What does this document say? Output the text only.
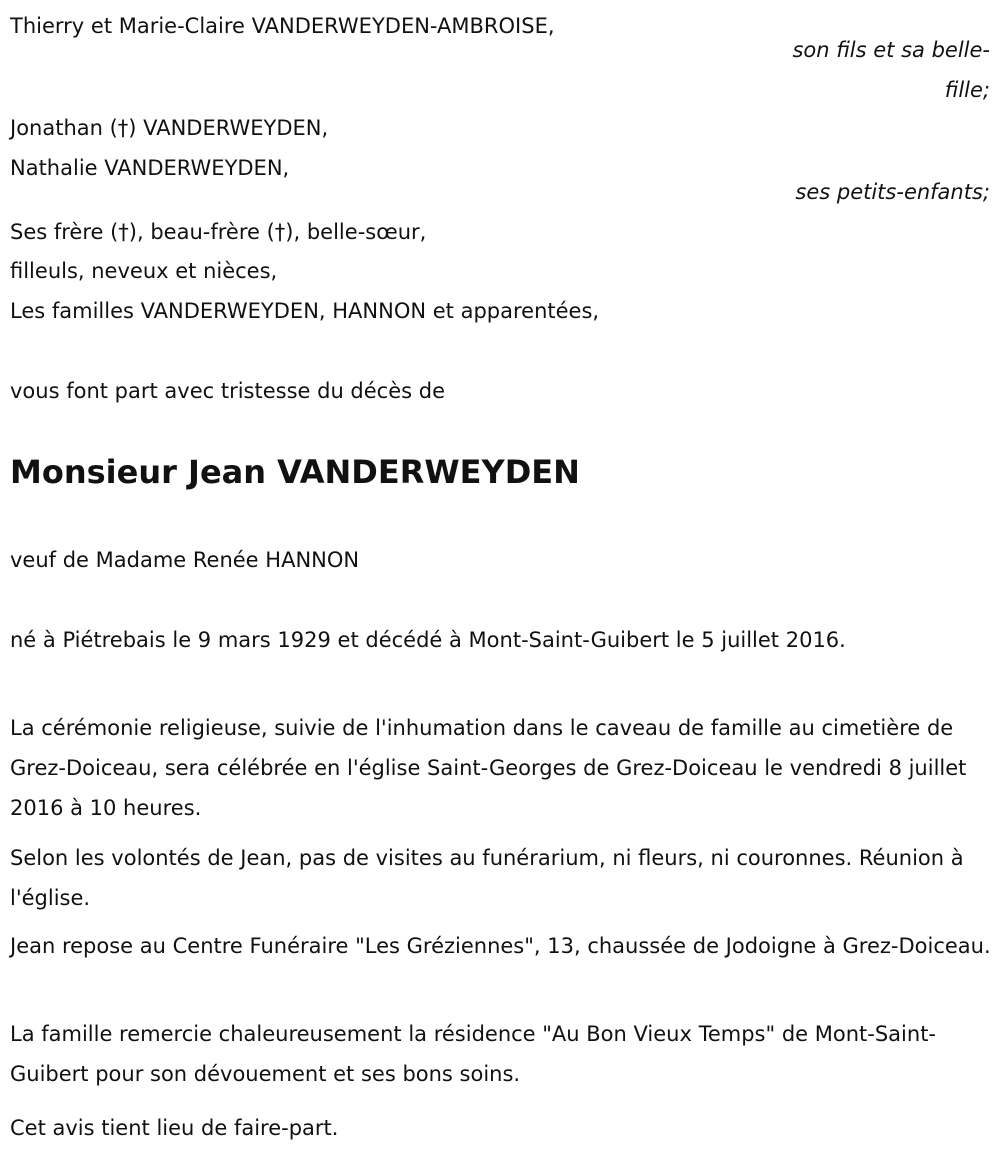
Thierry et Marie-Claire VANDERWEYDEN-AMBROISE,
son fils et sa belle-
fille;
Jonathan (†) VANDERWEYDEN,
Nathalie VANDERWEYDEN,
ses petits-enfants;
Ses frère (†), beau-frère (†), belle-sœur,
filleuls, neveux et nièces,
Les familles VANDERWEYDEN, HANNON et apparentées,
vous font part avec tristesse du décès de
Monsieur Jean VANDERWEYDEN
veuf de Madame Renée HANNON
né à Piétrebais le 9 mars 1929 et décédé à Mont-Saint-Guibert le 5 juillet 2016.
La cérémonie religieuse, suivie de l'inhumation dans le caveau de famille au cimetière de Grez-Doiceau, sera célébrée en l'église Saint-Georges de Grez-Doiceau le vendredi 8 juillet 2016 à 10 heures.
Selon les volontés de Jean, pas de visites au funérarium, ni fleurs, ni couronnes. Réunion à l'église.
Jean repose au Centre Funéraire "Les Gréziennes", 13, chaussée de Jodoigne à Grez-Doiceau.
La famille remercie chaleureusement la résidence "Au Bon Vieux Temps" de Mont-Saint-Guibert pour son dévouement et ses bons soins.
Cet avis tient lieu de faire-part.
